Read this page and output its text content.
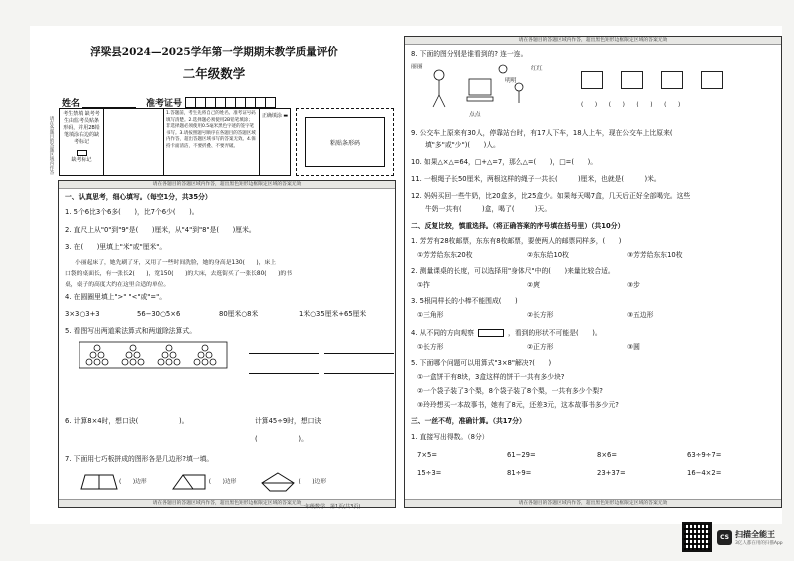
浮梁县2024—2025学年第一学期期末教学质量评价
二年级数学
姓名	准考证号
请在各题目的答题区域内作答
考生禁填 缺考考生由监考员贴条形码，并用2B铅笔填涂右边的缺考标记
缺考标记
1.答题前，考生先将自己的姓名、准考证号码填写清楚。2.选择题必须使用2B铅笔填涂；非选择题必须使用0.5毫米黑色字迹的签字笔书写。3.请按照题号顺序在各题目的答题区域内作答，超出答题区域书写的答案无效。4.保持卡面清洁，不要折叠、不要弄破。
正确填涂 ▬
粘贴条形码
请在各题目的答题区域内作答，超出黑色矩形边框限定区域的答案无效
一、认真思考，细心填写。（每空1分，共35分）
1. 5个6比3个6多(　　)，比7个6少(　　)。
2. 直尺上从"0"到"9"是(　　)厘米，从"4"到"8"是(　　)厘米。
3. 在(　　)里填上"米"或"厘米"。
小丽起床了，她先刷了牙，又用了一些时间洗脸，她的身高是130(　　)，床上
口袋的桌面长，有一张长2(　　)，宽150(　　)的大床，去逛街买了一张长80(　　)的书
桌，桌子的高度大约在这里合适的单位。
4. 在圆圈里填上">" "<"或"="。
3×3○3+3	56−30○5×6	80厘米○8米	1米○35厘米+65厘米
5. 看图写出两道乘法算式和两道除法算式。
6. 计算8×4时，想口诀(　　　　　　)。	计算45÷9时，想口诀
(　　　　　　)。
7. 下面用七巧板拼成的图形各是几边形?填一填。
(　　)边形	(　　)边形	(　　)边形
请在各题目的答题区域内作答，超出黑色矩形边框限定区域的答案无效
请在各题目的答题区域内作答，超出黑色矩形边框限定区域的答案无效
8. 下面的图分别是谁看到的? 连一连。
丽丽
明明
点点
红红
(　　)　　(　　)　　(　　)　　(　　)
9. 公交车上原来有30人，停靠站台时，有17人下车，18人上车，现在公交车上比原来(
填"多"或"少")(　　)人。
10. 如果△×△=64，□+△=7，那么△=(　　)，□=(　　)。
11. 一根绳子长50厘米，两根这样的绳子一共长(　　　)厘米，也就是(　　　)米。
12. 妈妈买回一些牛奶，比20盒多，比25盒少。如果每天喝7盒，几天后正好全部喝完。这些
牛奶一共有(　　　)盒，喝了(　　　)天。
二、反复比较，慎重选择。（将正确答案的序号填在括号里）（共10分）
1. 芳芳有28枚邮票，东东有8枚邮票，要使两人的邮票同样多，(　　)
①芳芳给东东20枚	②东东给10枚	③芳芳给东东10枚
2. 测量课桌的长度，可以选择用"身体尺"中的(　　)来量比较合适。
①拃	②庹	③步
3. 5根同样长的小棒不能围成(　　)
①三角形	②长方形	③五边形
4. 从不同的方向观察	，看到的形状不可能是(　　)。
①长方形	②正方形	③圆
5. 下面哪个问题可以用算式"3×8"解决?(　　)
①一盒饼干有8块，3盒这样的饼干一共有多少块?
②一个袋子装了3个梨，8个袋子装了8个梨，一共有多少个梨?
③玲玲想买一本故事书，她有了8元，还差3元，这本故事书多少元?
三、一丝不苟，准确计算。（共17分）
1. 直接写出得数。（8分）
7×5=	61−29=	8×6=	63÷9÷7=
15÷3=	81÷9=	23+37=	16−4×2=
请在各题目的答题区域内作答，超出黑色矩形边框限定区域的答案无效
一年级数学　第1页(共3页)
CS 扫描全能王
3亿人都在用的扫描App
